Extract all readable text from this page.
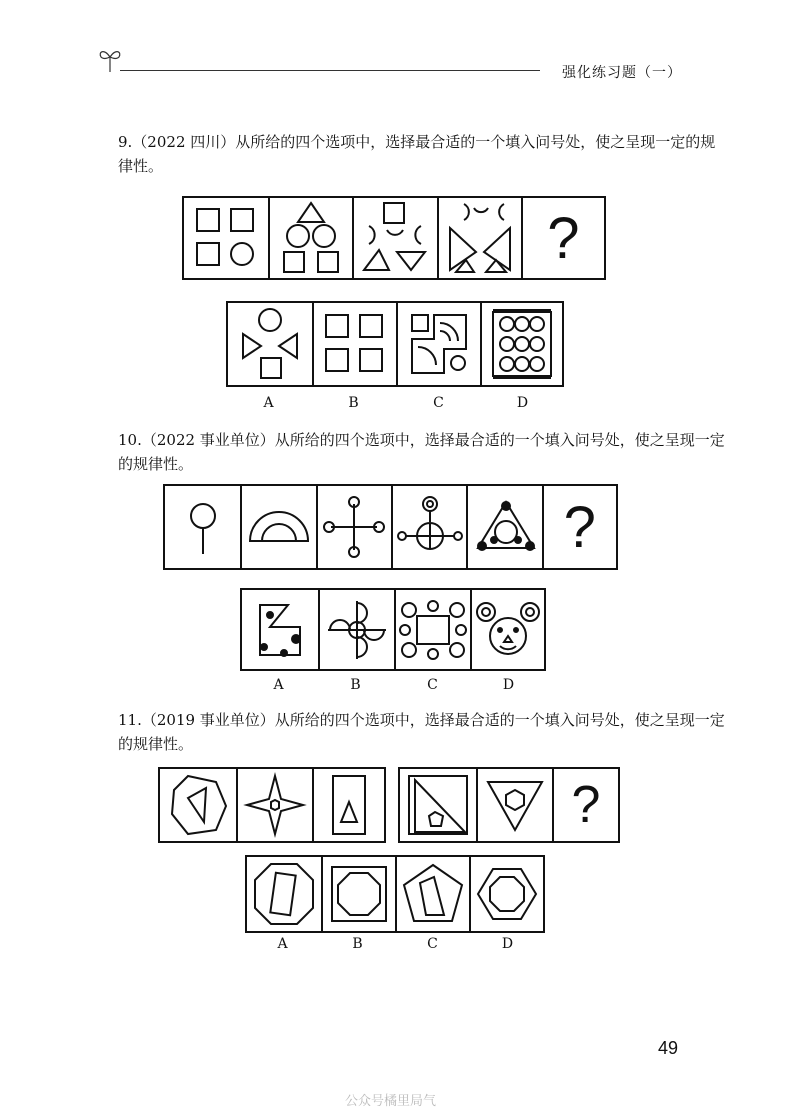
强化练习题（一）
9.（2022 四川）从所给的四个选项中，选择最合适的一个填入问号处，使之呈现一定的规律性。
?
A	B	C	D
10.（2022 事业单位）从所给的四个选项中，选择最合适的一个填入问号处，使之呈现一定的规律性。
?
A	B	C	D
11.（2019 事业单位）从所给的四个选项中，选择最合适的一个填入问号处，使之呈现一定的规律性。
?
A	B	C	D
49
公众号橘里局气
